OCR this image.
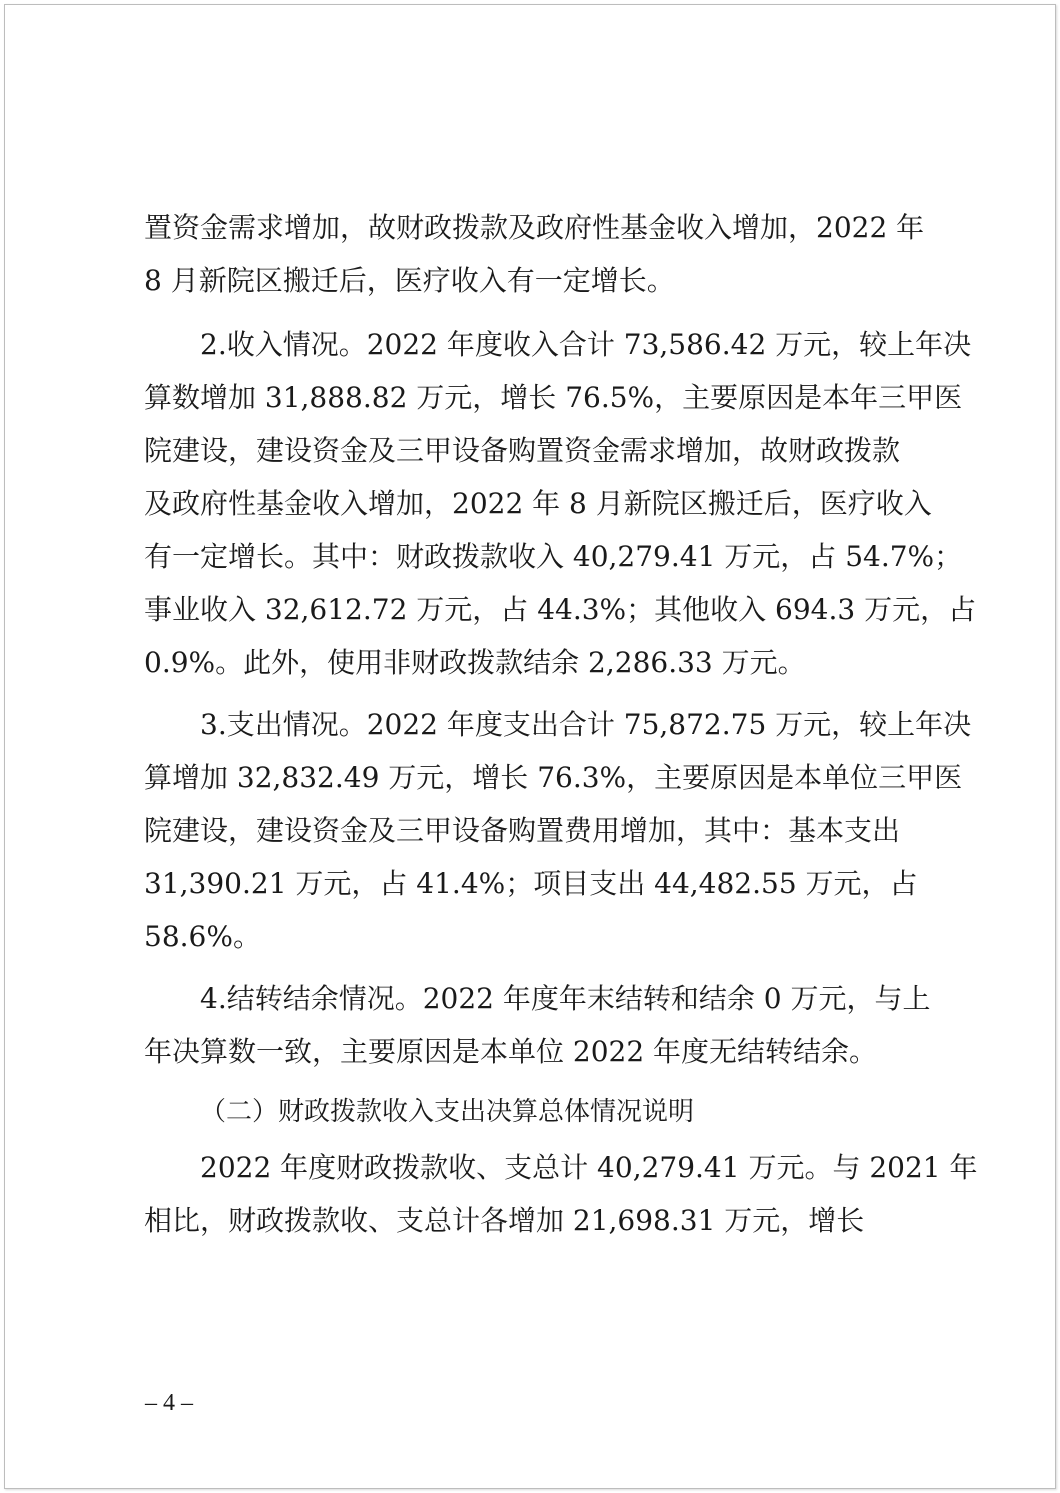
置资金需求增加，故财政拨款及政府性基金收入增加，2022 年
8 月新院区搬迁后，医疗收入有一定增长。
2.收入情况。2022 年度收入合计 73,586.42 万元，较上年决
算数增加 31,888.82 万元，增长 76.5%，主要原因是本年三甲医
院建设，建设资金及三甲设备购置资金需求增加，故财政拨款
及政府性基金收入增加，2022 年 8 月新院区搬迁后，医疗收入
有一定增长。其中：财政拨款收入 40,279.41 万元，占 54.7%；
事业收入 32,612.72 万元，占 44.3%；其他收入 694.3 万元，占
0.9%。此外，使用非财政拨款结余 2,286.33 万元。
3.支出情况。2022 年度支出合计 75,872.75 万元，较上年决
算增加 32,832.49 万元，增长 76.3%，主要原因是本单位三甲医
院建设，建设资金及三甲设备购置费用增加，其中：基本支出
31,390.21 万元，占 41.4%；项目支出 44,482.55 万元，占
58.6%。
4.结转结余情况。2022 年度年末结转和结余 0 万元，与上
年决算数一致，主要原因是本单位 2022 年度无结转结余。
（二）财政拨款收入支出决算总体情况说明
2022 年度财政拨款收、支总计 40,279.41 万元。与 2021 年
相比，财政拨款收、支总计各增加 21,698.31 万元，增长
– 4 –
